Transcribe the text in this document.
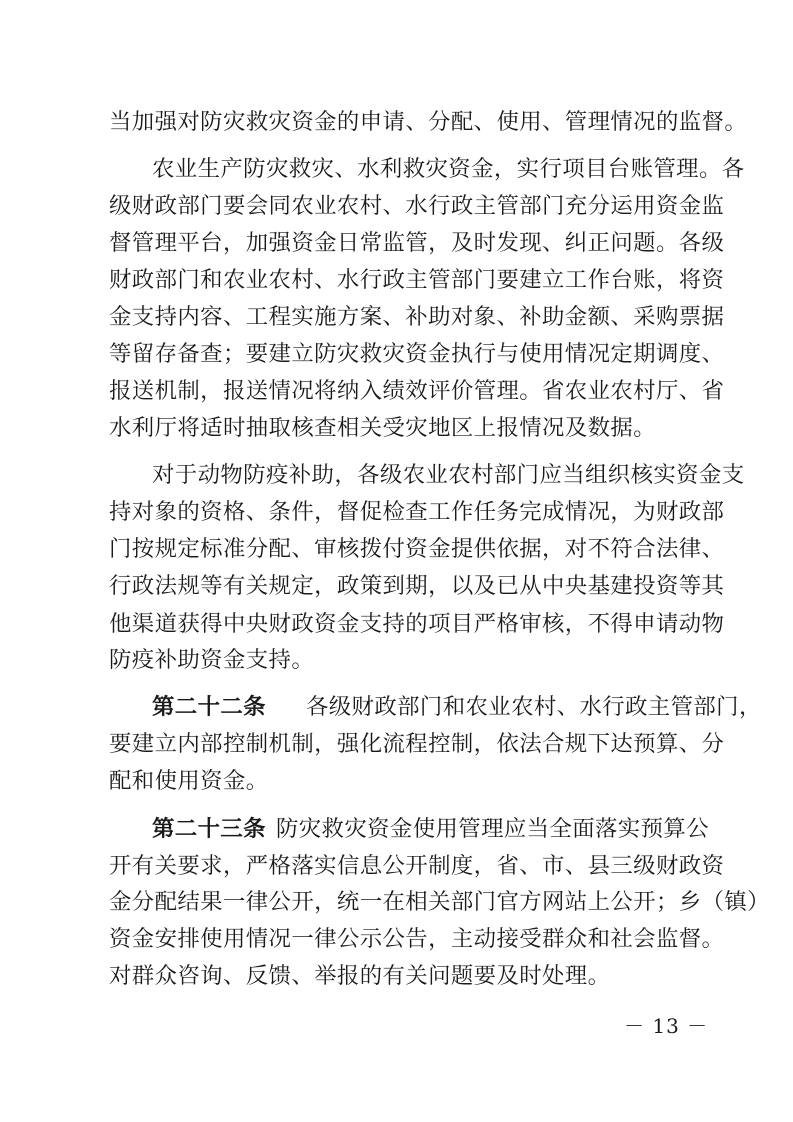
当加强对防灾救灾资金的申请、分配、使用、管理情况的监督。
农业生产防灾救灾、水利救灾资金，实行项目台账管理。各
级财政部门要会同农业农村、水行政主管部门充分运用资金监
督管理平台，加强资金日常监管，及时发现、纠正问题。各级
财政部门和农业农村、水行政主管部门要建立工作台账，将资
金支持内容、工程实施方案、补助对象、补助金额、采购票据
等留存备查；要建立防灾救灾资金执行与使用情况定期调度、
报送机制，报送情况将纳入绩效评价管理。省农业农村厅、省
水利厅将适时抽取核查相关受灾地区上报情况及数据。
对于动物防疫补助，各级农业农村部门应当组织核实资金支
持对象的资格、条件，督促检查工作任务完成情况，为财政部
门按规定标准分配、审核拨付资金提供依据，对不符合法律、
行政法规等有关规定，政策到期，以及已从中央基建投资等其
他渠道获得中央财政资金支持的项目严格审核，不得申请动物
防疫补助资金支持。
第二十二条 各级财政部门和农业农村、水行政主管部门，
要建立内部控制机制，强化流程控制，依法合规下达预算、分
配和使用资金。
第二十三条 防灾救灾资金使用管理应当全面落实预算公
开有关要求，严格落实信息公开制度，省、市、县三级财政资
金分配结果一律公开，统一在相关部门官方网站上公开；乡（镇）
资金安排使用情况一律公示公告，主动接受群众和社会监督。
对群众咨询、反馈、举报的有关问题要及时处理。
－ 13 －
